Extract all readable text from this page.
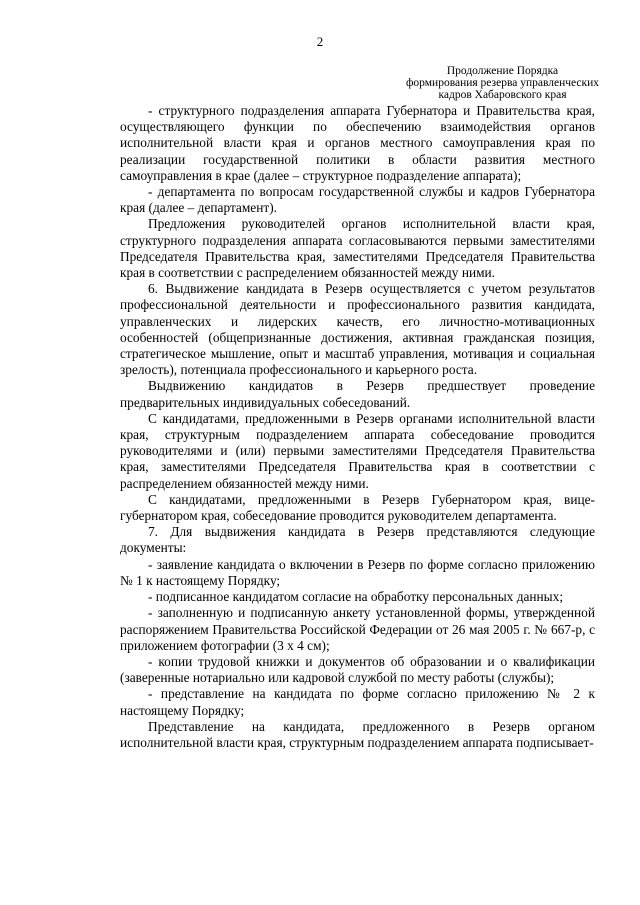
2
Продолжение Порядка
формирования резерва управленческих
кадров Хабаровского края

- структурного подразделения аппарата Губернатора и Правительства края, осуществляющего функции по обеспечению взаимодействия органов исполнительной власти края и органов местного самоуправления края по реализации государственной политики в области развития местного самоуправления в крае (далее – структурное подразделение аппарата);

- департамента по вопросам государственной службы и кадров Губернатора края (далее – департамент).

Предложения руководителей органов исполнительной власти края, структурного подразделения аппарата согласовываются первыми заместителями Председателя Правительства края, заместителями Председателя Правительства края в соответствии с распределением обязанностей между ними.

6. Выдвижение кандидата в Резерв осуществляется с учетом результатов профессиональной деятельности и профессионального развития кандидата, управленческих и лидерских качеств, его личностно-мотивационных особенностей (общепризнанные достижения, активная гражданская позиция, стратегическое мышление, опыт и масштаб управления, мотивация и социальная зрелость), потенциала профессионального и карьерного роста.

Выдвижению кандидатов в Резерв предшествует проведение предварительных индивидуальных собеседований.

С кандидатами, предложенными в Резерв органами исполнительной власти края, структурным подразделением аппарата собеседование проводится руководителями и (или) первыми заместителями Председателя Правительства края, заместителями Председателя Правительства края в соответствии с распределением обязанностей между ними.

С кандидатами, предложенными в Резерв Губернатором края, вице-губернатором края, собеседование проводится руководителем департамента.

7. Для выдвижения кандидата в Резерв представляются следующие документы:

- заявление кандидата о включении в Резерв по форме согласно приложению № 1 к настоящему Порядку;

- подписанное кандидатом согласие на обработку персональных данных;

- заполненную и подписанную анкету установленной формы, утвержденной распоряжением Правительства Российской Федерации от 26 мая 2005 г. № 667-р, с приложением фотографии (3 х 4 см);

- копии трудовой книжки и документов об образовании и о квалификации (заверенные нотариально или кадровой службой по месту работы (службы);

- представление на кандидата по форме согласно приложению № 2 к настоящему Порядку;

Представление на кандидата, предложенного в Резерв органом исполнительной власти края, структурным подразделением аппарата подписывает-
